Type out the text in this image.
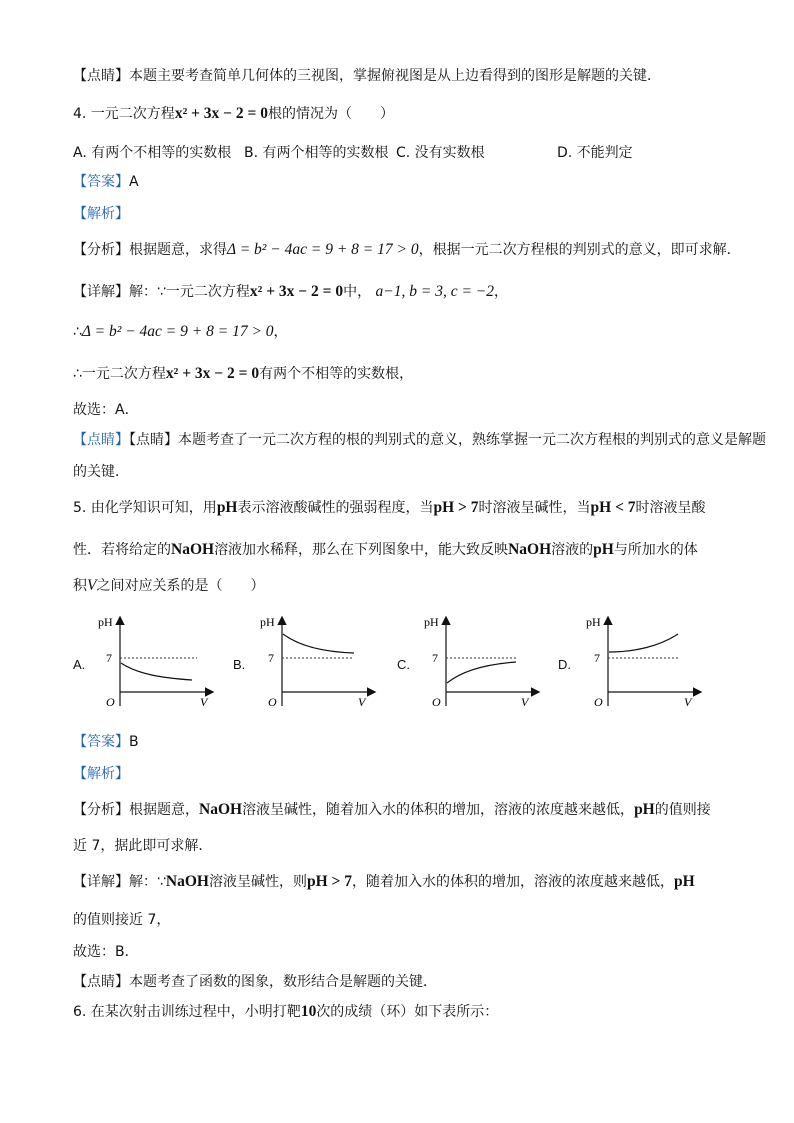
【点睛】本题主要考查简单几何体的三视图，掌握俯视图是从上边看得到的图形是解题的关键．
4. 一元二次方程x² + 3x − 2 = 0根的情况为（　　）
A. 有两个不相等的实数根 B. 有两个相等的实数根 C. 没有实数根	D. 不能判定
【答案】A
【解析】
【分析】根据题意，求得Δ = b² − 4ac = 9 + 8 = 17 > 0，根据一元二次方程根的判别式的意义，即可求解．
【详解】解：∵一元二次方程x² + 3x − 2 = 0中， a−1, b = 3, c = −2，
∴Δ = b² − 4ac = 9 + 8 = 17 > 0，
∴一元二次方程x² + 3x − 2 = 0有两个不相等的实数根，
故选：A．
【点睛】【点睛】本题考查了一元二次方程的根的判别式的意义，熟练掌握一元二次方程根的判别式的意义是解题
的关键．
5. 由化学知识可知，用pH表示溶液酸碱性的强弱程度，当pH > 7时溶液呈碱性，当pH < 7时溶液呈酸
性．若将给定的NaOH溶液加水稀释，那么在下列图象中，能大致反映NaOH溶液的pH与所加水的体
积V之间对应关系的是（　　）
A.	B.	C.	D.
pH
7
O	V
pH
7
O	V
pH
7
O	V
pH
7
O	V
【答案】B
【解析】
【分析】根据题意，NaOH溶液呈碱性，随着加入水的体积的增加，溶液的浓度越来越低，pH的值则接
近 7，据此即可求解．
【详解】解：∵NaOH溶液呈碱性，则pH > 7，随着加入水的体积的增加，溶液的浓度越来越低，pH
的值则接近 7，
故选：B．
【点睛】本题考查了函数的图象，数形结合是解题的关键．
6. 在某次射击训练过程中，小明打靶10次的成绩（环）如下表所示：
